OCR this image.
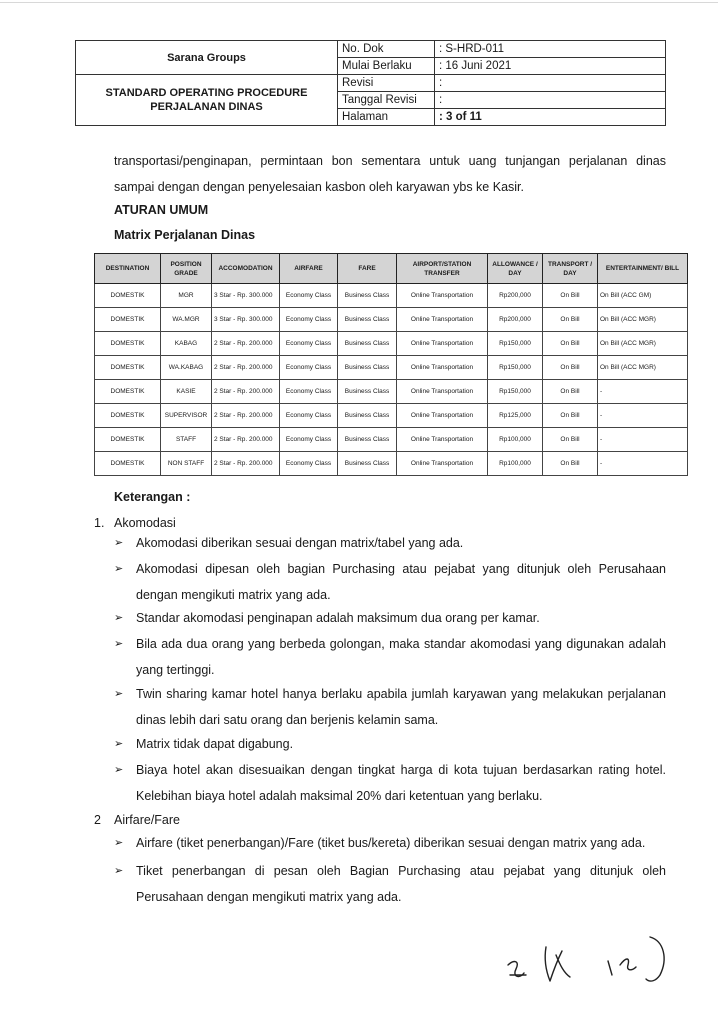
Sarana Groups	No. Dok	: S-HRD-011
	Mulai Berlaku	: 16 Juni 2021
STANDARD OPERATING PROCEDURE
PERJALANAN DINAS	Revisi	:
	Tanggal Revisi	:
	Halaman	: 3 of 11

transportasi/penginapan, permintaan bon sementara untuk uang tunjangan perjalanan dinas sampai dengan dengan penyelesaian kasbon oleh karyawan ybs ke Kasir.

ATURAN UMUM

Matrix Perjalanan Dinas

DESTINATION	POSITION GRADE	ACCOMODATION	AIRFARE	FARE	AIRPORT/STATION TRANSFER	ALLOWANCE / DAY	TRANSPORT / DAY	ENTERTAINMENT/ BILL
DOMESTIK	MGR	3 Star - Rp. 300.000	Economy Class	Business Class	Online Transportation	Rp200,000	On Bill	On Bill (ACC GM)
DOMESTIK	WA.MGR	3 Star - Rp. 300.000	Economy Class	Business Class	Online Transportation	Rp200,000	On Bill	On Bill (ACC MGR)
DOMESTIK	KABAG	2 Star - Rp. 200.000	Economy Class	Business Class	Online Transportation	Rp150,000	On Bill	On Bill (ACC MGR)
DOMESTIK	WA.KABAG	2 Star - Rp. 200.000	Economy Class	Business Class	Online Transportation	Rp150,000	On Bill	On Bill (ACC MGR)
DOMESTIK	KASIE	2 Star - Rp. 200.000	Economy Class	Business Class	Online Transportation	Rp150,000	On Bill	-
DOMESTIK	SUPERVISOR	2 Star - Rp. 200.000	Economy Class	Business Class	Online Transportation	Rp125,000	On Bill	-
DOMESTIK	STAFF	2 Star - Rp. 200.000	Economy Class	Business Class	Online Transportation	Rp100,000	On Bill	-
DOMESTIK	NON STAFF	2 Star - Rp. 200.000	Economy Class	Business Class	Online Transportation	Rp100,000	On Bill	-

Keterangan :

1. Akomodasi

➢ Akomodasi diberikan sesuai dengan matrix/tabel yang ada.
➢ Akomodasi dipesan oleh bagian Purchasing atau pejabat yang ditunjuk oleh Perusahaan dengan mengikuti matrix yang ada.
➢ Standar akomodasi penginapan adalah maksimum dua orang per kamar.
➢ Bila ada dua orang yang berbeda golongan, maka standar akomodasi yang digunakan adalah yang tertinggi.
➢ Twin sharing kamar hotel hanya berlaku apabila jumlah karyawan yang melakukan perjalanan dinas lebih dari satu orang dan berjenis kelamin sama.
➢ Matrix tidak dapat digabung.
➢ Biaya hotel akan disesuaikan dengan tingkat harga di kota tujuan berdasarkan rating hotel. Kelebihan biaya hotel adalah maksimal 20% dari ketentuan yang berlaku.

2 Airfare/Fare

➢ Airfare (tiket penerbangan)/Fare (tiket bus/kereta) diberikan sesuai dengan matrix yang ada.
➢ Tiket penerbangan di pesan oleh Bagian Purchasing atau pejabat yang ditunjuk oleh Perusahaan dengan mengikuti matrix yang ada.
